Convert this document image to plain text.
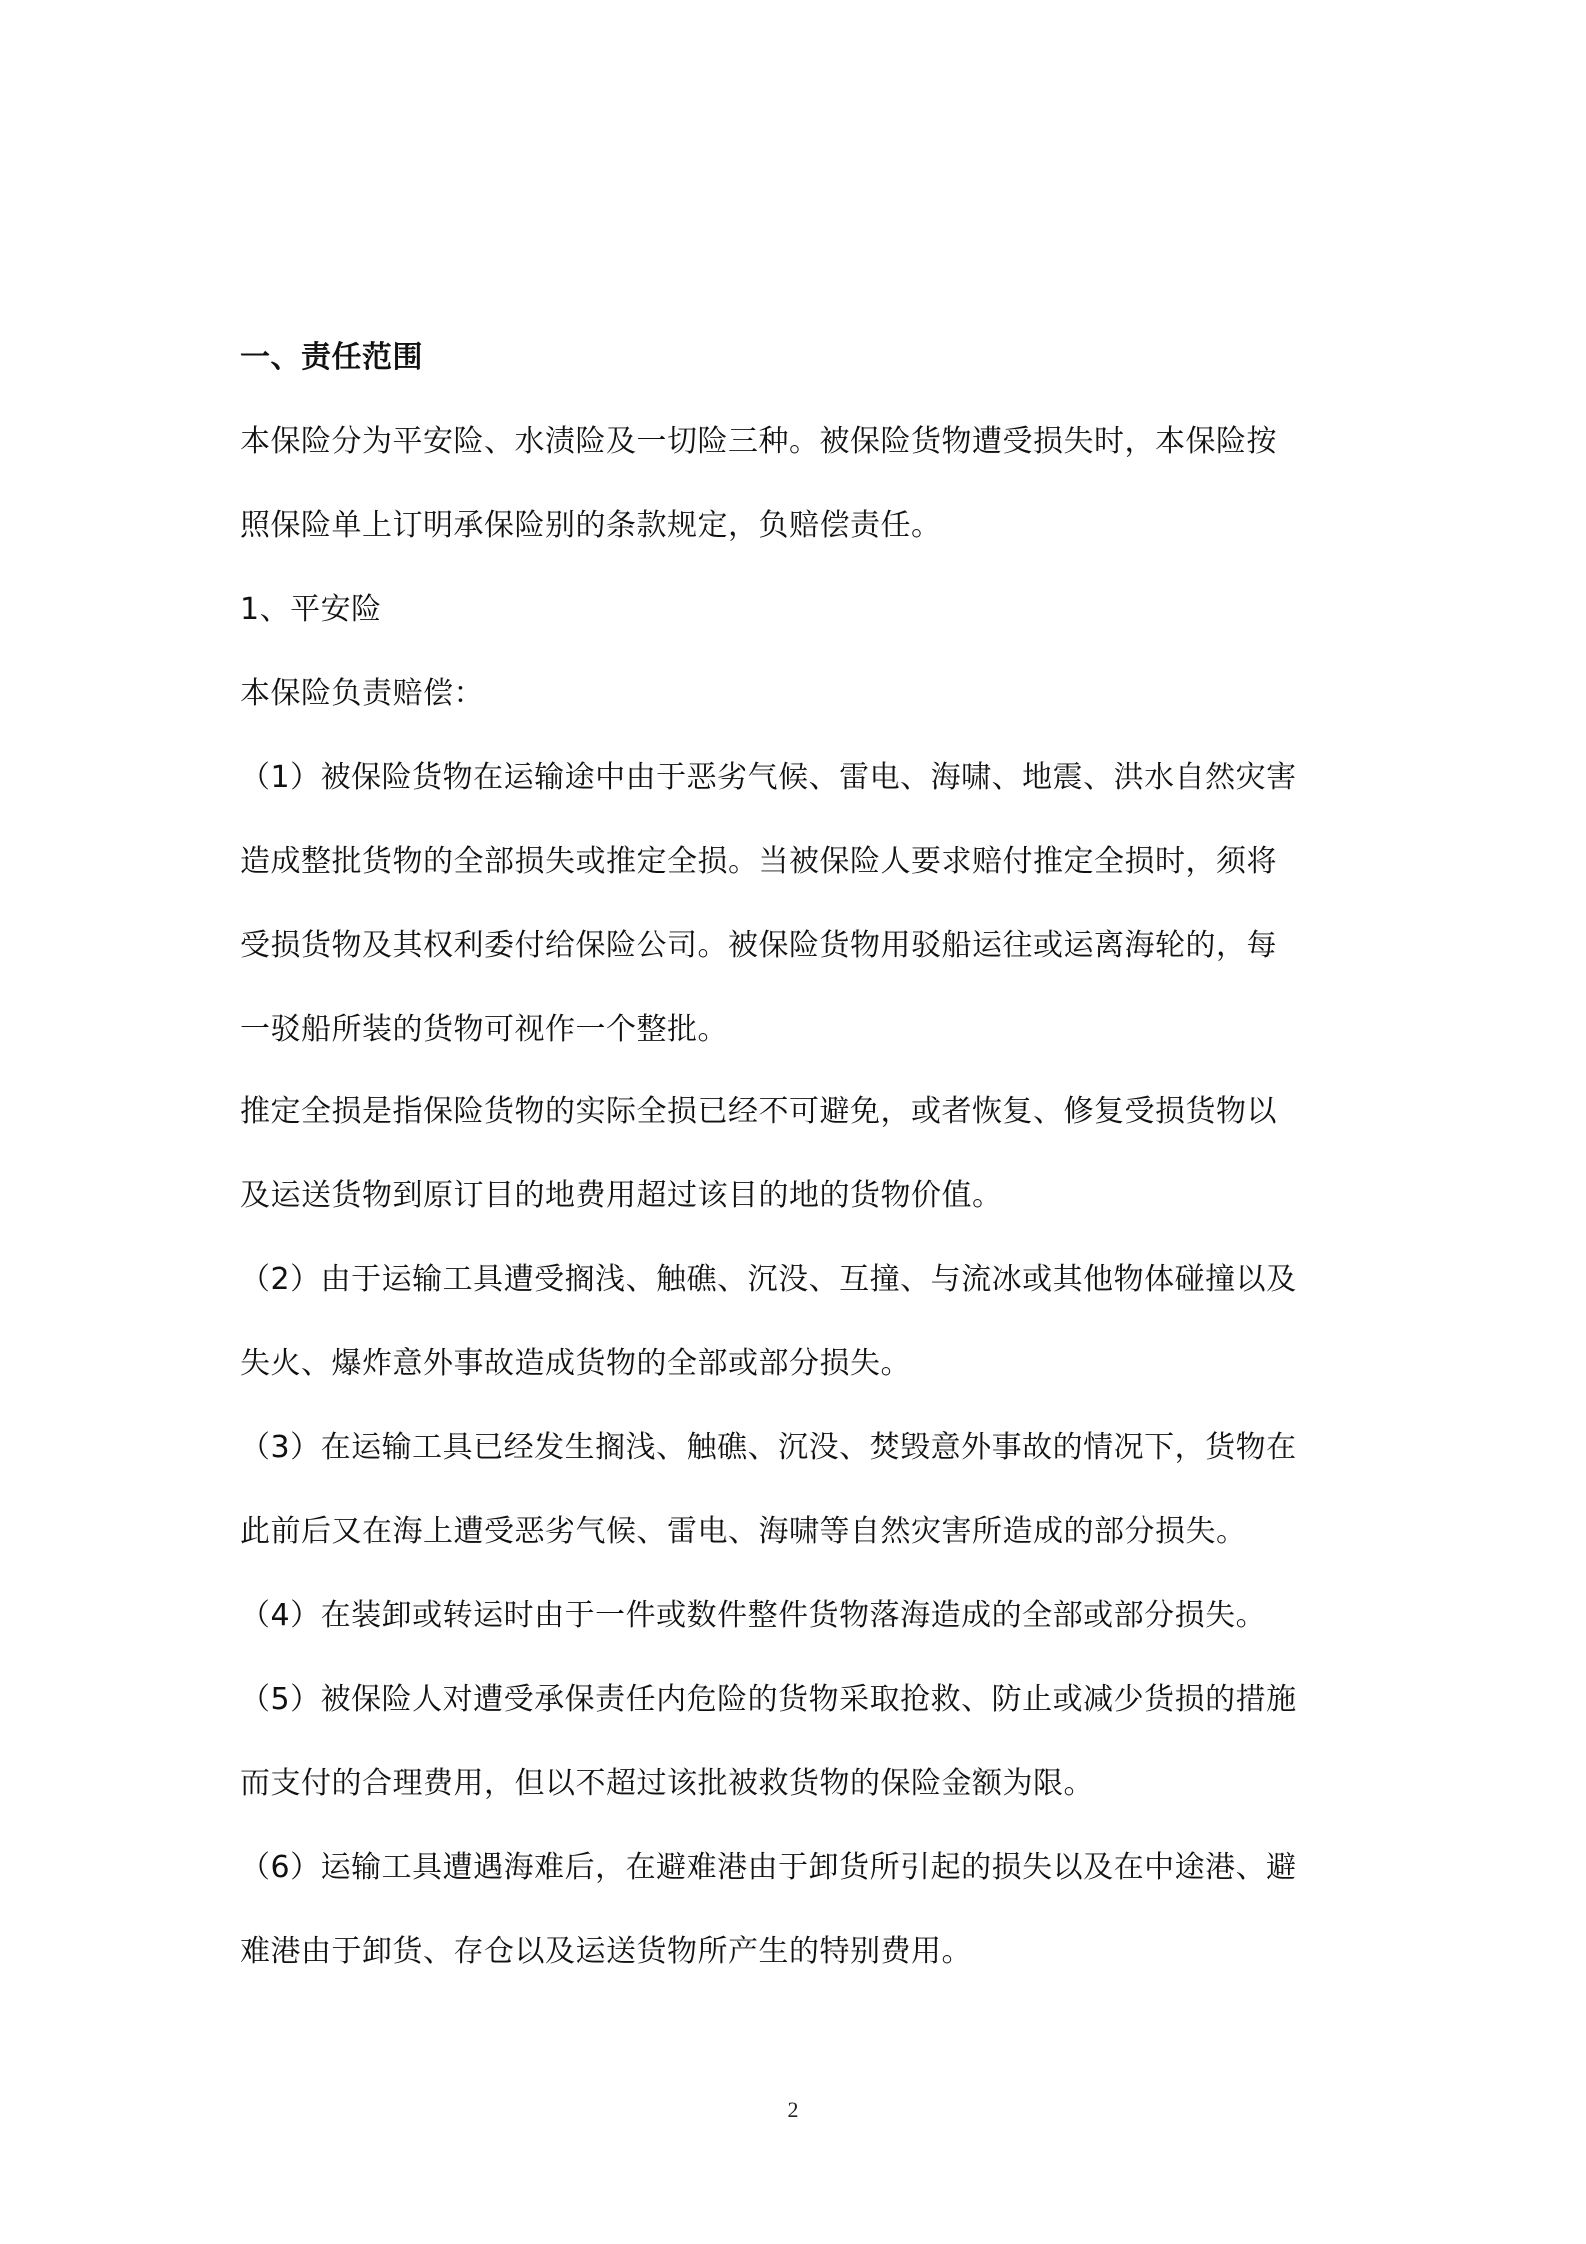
一、责任范围
本保险分为平安险、水渍险及一切险三种。被保险货物遭受损失时，本保险按
照保险单上订明承保险别的条款规定，负赔偿责任。
1、平安险
本保险负责赔偿：
（1）被保险货物在运输途中由于恶劣气候、雷电、海啸、地震、洪水自然灾害
造成整批货物的全部损失或推定全损。当被保险人要求赔付推定全损时，须将
受损货物及其权利委付给保险公司。被保险货物用驳船运往或运离海轮的，每
一驳船所装的货物可视作一个整批。
推定全损是指保险货物的实际全损已经不可避免，或者恢复、修复受损货物以
及运送货物到原订目的地费用超过该目的地的货物价值。
（2）由于运输工具遭受搁浅、触礁、沉没、互撞、与流冰或其他物体碰撞以及
失火、爆炸意外事故造成货物的全部或部分损失。
（3）在运输工具已经发生搁浅、触礁、沉没、焚毁意外事故的情况下，货物在
此前后又在海上遭受恶劣气候、雷电、海啸等自然灾害所造成的部分损失。
（4）在装卸或转运时由于一件或数件整件货物落海造成的全部或部分损失。
（5）被保险人对遭受承保责任内危险的货物采取抢救、防止或减少货损的措施
而支付的合理费用，但以不超过该批被救货物的保险金额为限。
（6）运输工具遭遇海难后，在避难港由于卸货所引起的损失以及在中途港、避
难港由于卸货、存仓以及运送货物所产生的特别费用。
2
